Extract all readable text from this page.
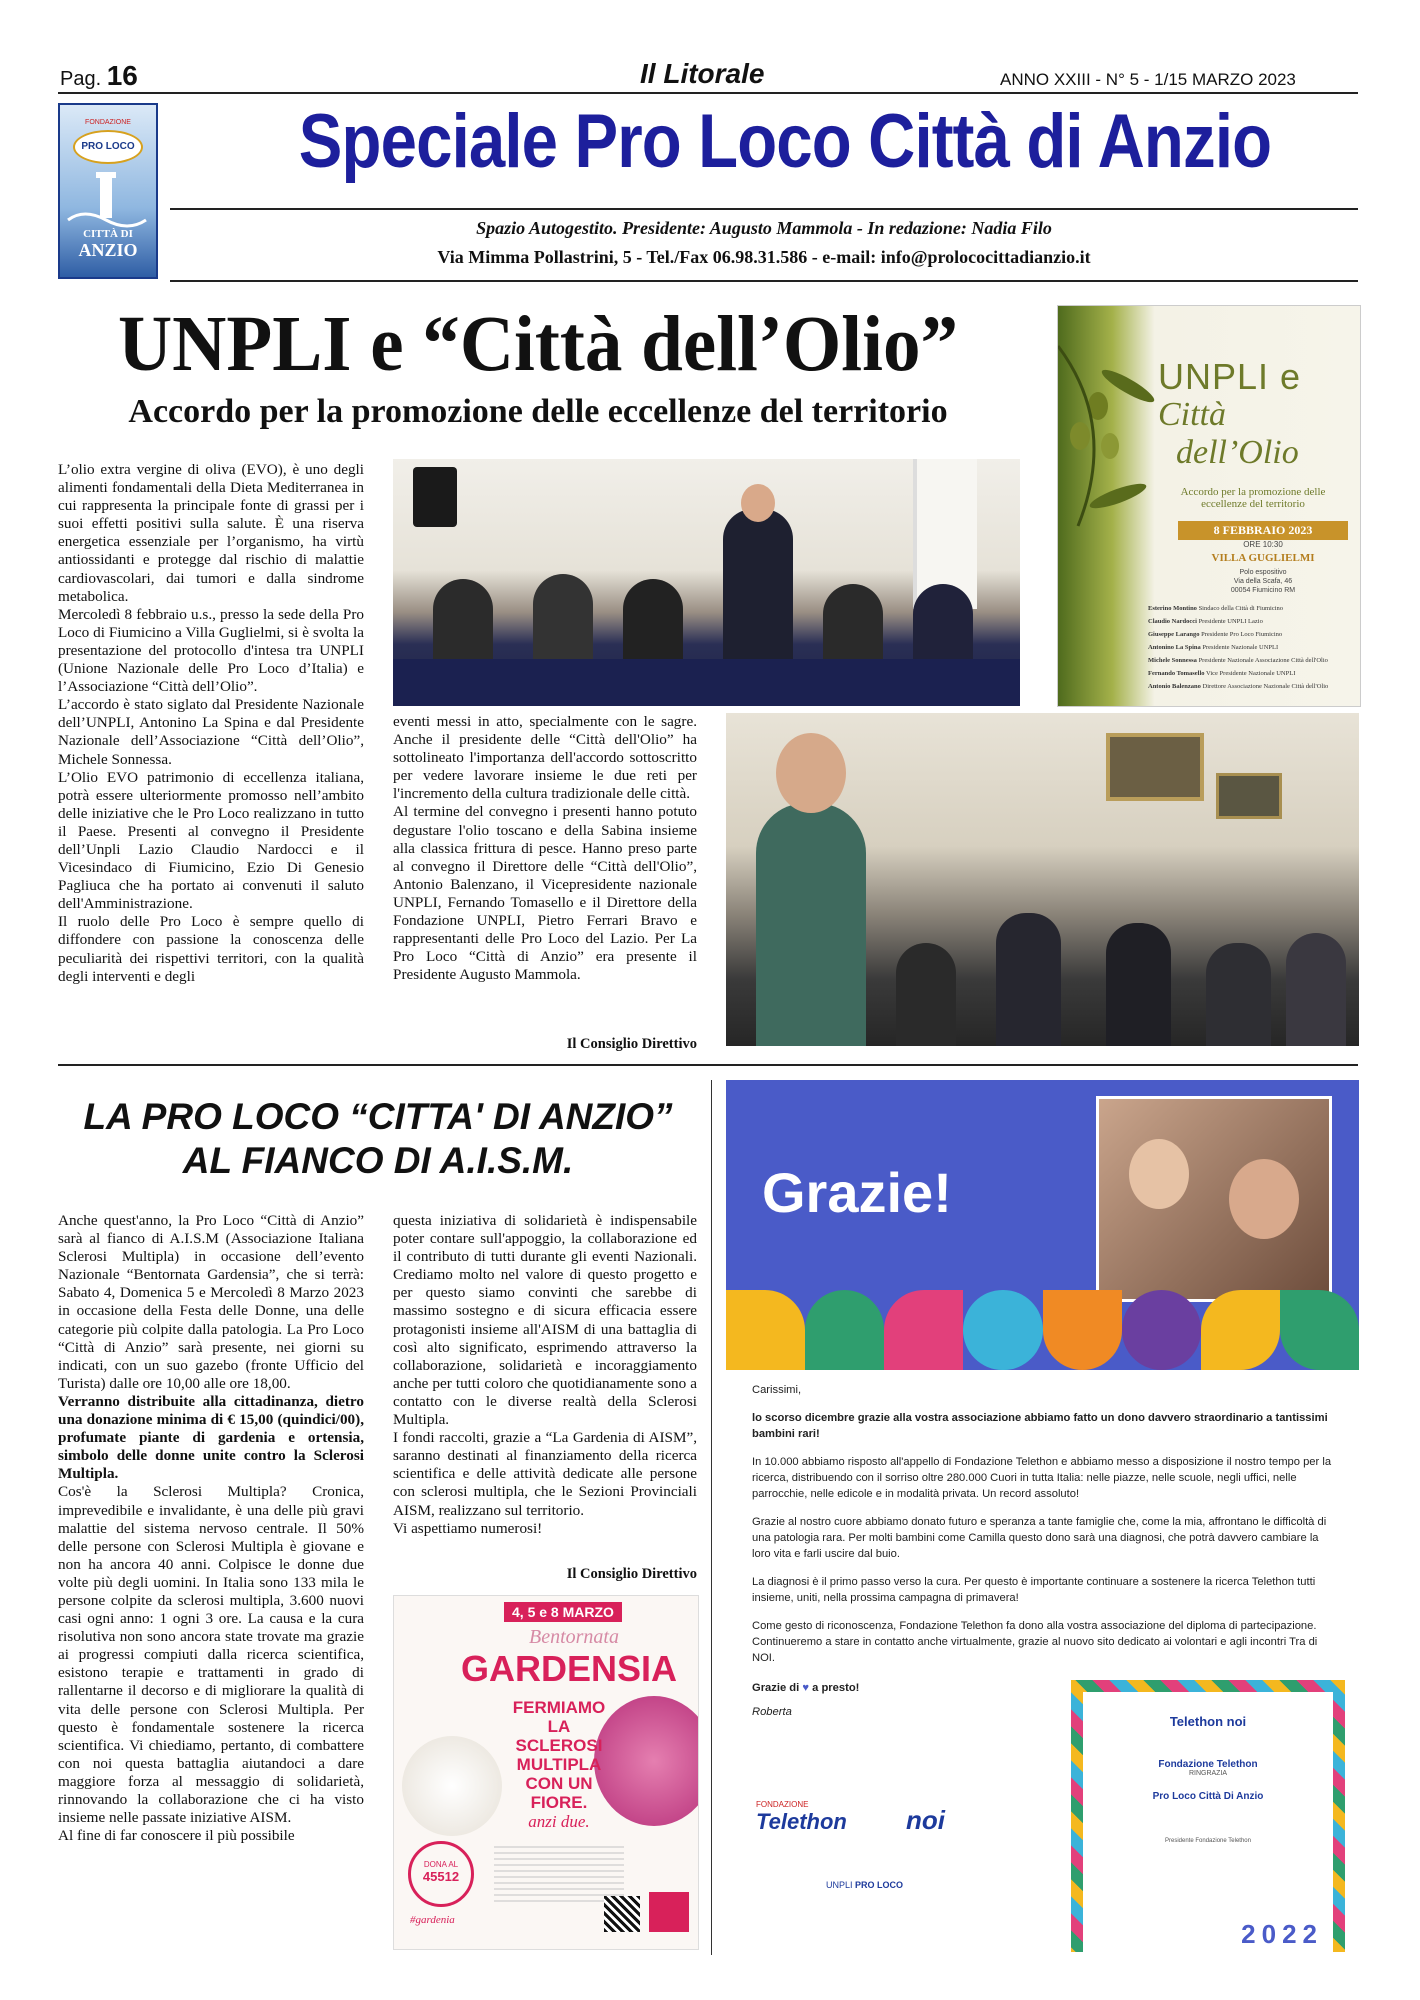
Pag. 16	Il Litorale	ANNO XXIII - N° 5 - 1/15 MARZO 2023
FONDAZIONE
PRO LOCO
CITTÀ DI
ANZIO
Speciale Pro Loco Città di Anzio
Spazio Autogestito. Presidente: Augusto Mammola - In redazione: Nadia Filo
Via Mimma Pollastrini, 5 - Tel./Fax 06.98.31.586 - e-mail: info@prolococittadianzio.it
UNPLI e “Città dell’Olio”
Accordo per la promozione delle eccellenze del territorio

L’olio extra vergine di oliva (EVO), è uno degli alimenti fondamentali della Dieta Mediterranea in cui rappresenta la principale fonte di grassi per i suoi effetti positivi sulla salute. È una riserva energetica essenziale per l’organismo, ha virtù antiossidanti e protegge dal rischio di malattie cardiovascolari, dai tumori e dalla sindrome metabolica.

Mercoledì 8 febbraio u.s., presso la sede della Pro Loco di Fiumicino a Villa Guglielmi, si è svolta la presentazione del protocollo d'intesa tra UNPLI (Unione Nazionale delle Pro Loco d’Italia) e l’Associazione “Città dell’Olio”.

L’accordo è stato siglato dal Presidente Nazionale dell’UNPLI, Antonino La Spina e dal Presidente Nazionale dell’Associazione “Città dell’Olio”, Michele Sonnessa.

L’Olio EVO patrimonio di eccellenza italiana, potrà essere ulteriormente promosso nell’ambito delle iniziative che le Pro Loco realizzano in tutto il Paese. Presenti al convegno il Presidente dell’Unpli Lazio Claudio Nardocci e il Vicesindaco di Fiumicino, Ezio Di Genesio Pagliuca che ha portato ai convenuti il saluto dell'Amministrazione.

Il ruolo delle Pro Loco è sempre quello di diffondere con passione la conoscenza delle peculiarità dei rispettivi territori, con la qualità degli interventi e degli

UNPLI e
Città
dell’Olio
Accordo per la promozione delle eccellenze del territorio
8 FEBBRAIO 2023
ORE 10:30
VILLA GUGLIELMI
Polo espositivo
Via della Scafa, 46
00054 Fiumicino RM
Esterino Montino Sindaco della Città di Fiumicino
Claudio Nardocci Presidente UNPLI Lazio
Giuseppe Larango Presidente Pro Loco Fiumicino
Antonino La Spina Presidente Nazionale UNPLI
Michele Sonnessa Presidente Nazionale Associazione Città dell'Olio
Fernando Tomasello Vice Presidente Nazionale UNPLI
Antonio Balenzano Direttore Associazione Nazionale Città dell'Olio

eventi messi in atto, specialmente con le sagre. Anche il presidente delle “Città dell'Olio” ha sottolineato l'importanza dell'accordo sottoscritto per vedere lavorare insieme le due reti per l'incremento della cultura tradizionale delle città.

Al termine del convegno i presenti hanno potuto degustare l'olio toscano e della Sabina insieme alla classica frittura di pesce. Hanno preso parte al convegno il Direttore delle “Città dell'Olio”, Antonio Balenzano, il Vicepresidente nazionale UNPLI, Fernando Tomasello e il Direttore della Fondazione UNPLI, Pietro Ferrari Bravo e rappresentanti delle Pro Loco del Lazio. Per La Pro Loco “Città di Anzio” era presente il Presidente Augusto Mammola.

Il Consiglio Direttivo
LA PRO LOCO “CITTA' DI ANZIO”
AL FIANCO DI A.I.S.M.

Anche quest'anno, la Pro Loco “Città di Anzio” sarà al fianco di A.I.S.M (Associazione Italiana Sclerosi Multipla) in occasione dell’evento Nazionale “Bentornata Gardensia”, che si terrà: Sabato 4, Domenica 5 e Mercoledì 8 Marzo 2023 in occasione della Festa delle Donne, una delle categorie più colpite dalla patologia. La Pro Loco “Città di Anzio” sarà presente, nei giorni su indicati, con un suo gazebo (fronte Ufficio del Turista) dalle ore 10,00 alle ore 18,00.

Verranno distribuite alla cittadinanza, dietro una donazione minima di € 15,00 (quindici/00), profumate piante di gardenia e ortensia, simbolo delle donne unite contro la Sclerosi Multipla.

Cos'è la Sclerosi Multipla? Cronica, imprevedibile e invalidante, è una delle più gravi malattie del sistema nervoso centrale. Il 50% delle persone con Sclerosi Multipla è giovane e non ha ancora 40 anni. Colpisce le donne due volte più degli uomini. In Italia sono 133 mila le persone colpite da sclerosi multipla, 3.600 nuovi casi ogni anno: 1 ogni 3 ore. La causa e la cura risolutiva non sono ancora state trovate ma grazie ai progressi compiuti dalla ricerca scientifica, esistono terapie e trattamenti in grado di rallentarne il decorso e di migliorare la qualità di vita delle persone con Sclerosi Multipla. Per questo è fondamentale sostenere la ricerca scientifica. Vi chiediamo, pertanto, di combattere con noi questa battaglia aiutandoci a dare maggiore forza al messaggio di solidarietà, rinnovando la collaborazione che ci ha visto insieme nelle passate iniziative AISM.

Al fine di far conoscere il più possibile

questa iniziativa di solidarietà è indispensabile poter contare sull'appoggio, la collaborazione ed il contributo di tutti durante gli eventi Nazionali. Crediamo molto nel valore di questo progetto e per questo siamo convinti che sarebbe di massimo sostegno e di sicura efficacia essere protagonisti insieme all'AISM di una battaglia di così alto significato, esprimendo attraverso la collaborazione, solidarietà e incoraggiamento anche per tutti coloro che quotidianamente sono a contatto con le diverse realtà della Sclerosi Multipla.

I fondi raccolti, grazie a “La Gardenia di AISM”, saranno destinati al finanziamento della ricerca scientifica e delle attività dedicate alle persone con sclerosi multipla, che le Sezioni Provinciali AISM, realizzano sul territorio.

Vi aspettiamo numerosi!

Il Consiglio Direttivo
4, 5 e 8 MARZO
Bentornata
GARDENSIA
FERMIAMO
LA SCLEROSI
MULTIPLA
CON UN FIORE.
anzi due.
DONA AL
45512
#gardenia
Grazie!
Carissimi,
lo scorso dicembre grazie alla vostra associazione abbiamo fatto un dono davvero straordinario a tantissimi bambini rari!
In 10.000 abbiamo risposto all'appello di Fondazione Telethon e abbiamo messo a disposizione il nostro tempo per la ricerca, distribuendo con il sorriso oltre 280.000 Cuori in tutta Italia: nelle piazze, nelle scuole, negli uffici, nelle parrocchie, nelle edicole e in modalità privata. Un record assoluto!
Grazie al nostro cuore abbiamo donato futuro e speranza a tante famiglie che, come la mia, affrontano le difficoltà di una patologia rara. Per molti bambini come Camilla questo dono sarà una diagnosi, che potrà davvero cambiare la loro vita e farli uscire dal buio.
La diagnosi è il primo passo verso la cura. Per questo è importante continuare a sostenere la ricerca Telethon tutti insieme, uniti, nella prossima campagna di primavera!
Come gesto di riconoscenza, Fondazione Telethon fa dono alla vostra associazione del diploma di partecipazione. Continueremo a stare in contatto anche virtualmente, grazie al nuovo sito dedicato ai volontari e agli incontri Tra di NOI.
Grazie di ♥ a presto!
Roberta
FONDAZIONE
Telethon	noi
UNPLI PRO LOCO
Telethon noi
Fondazione Telethon
RINGRAZIA
Pro Loco Città Di Anzio
Presidente Fondazione Telethon
2022
